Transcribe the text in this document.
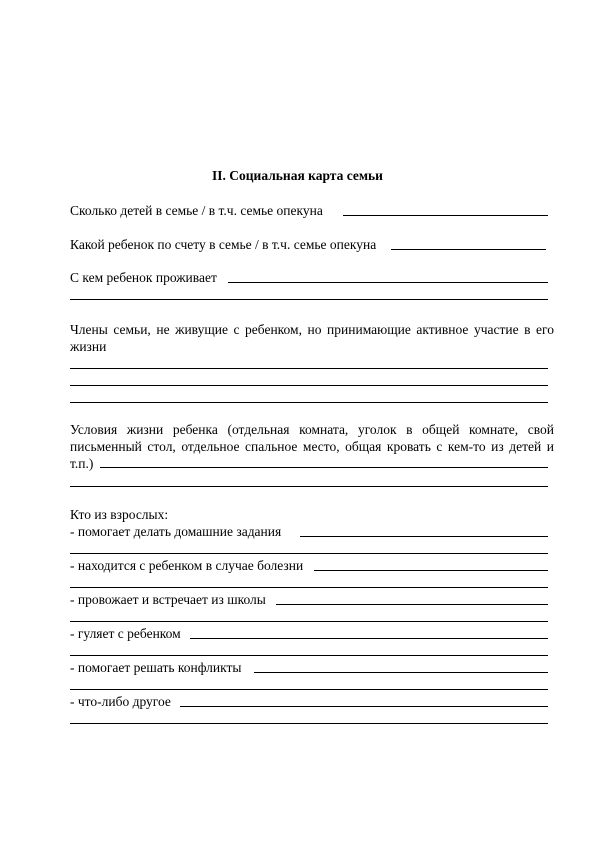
II. Социальная карта семьи
Сколько детей в семье / в т.ч. семье опекуна
Какой ребенок по счету в семье / в т.ч. семье опекуна
С кем ребенок проживает
Члены семьи, не живущие с ребенком, но принимающие активное участие в его
жизни
Условия жизни ребенка (отдельная комната, уголок в общей комнате, свой
письменный стол, отдельное спальное место, общая кровать с кем-то из детей и
т.п.)
Кто из взрослых:
- помогает делать домашние задания
- находится с ребенком в случае болезни
- провожает и встречает из школы
- гуляет с ребенком
- помогает решать конфликты
- что-либо другое
